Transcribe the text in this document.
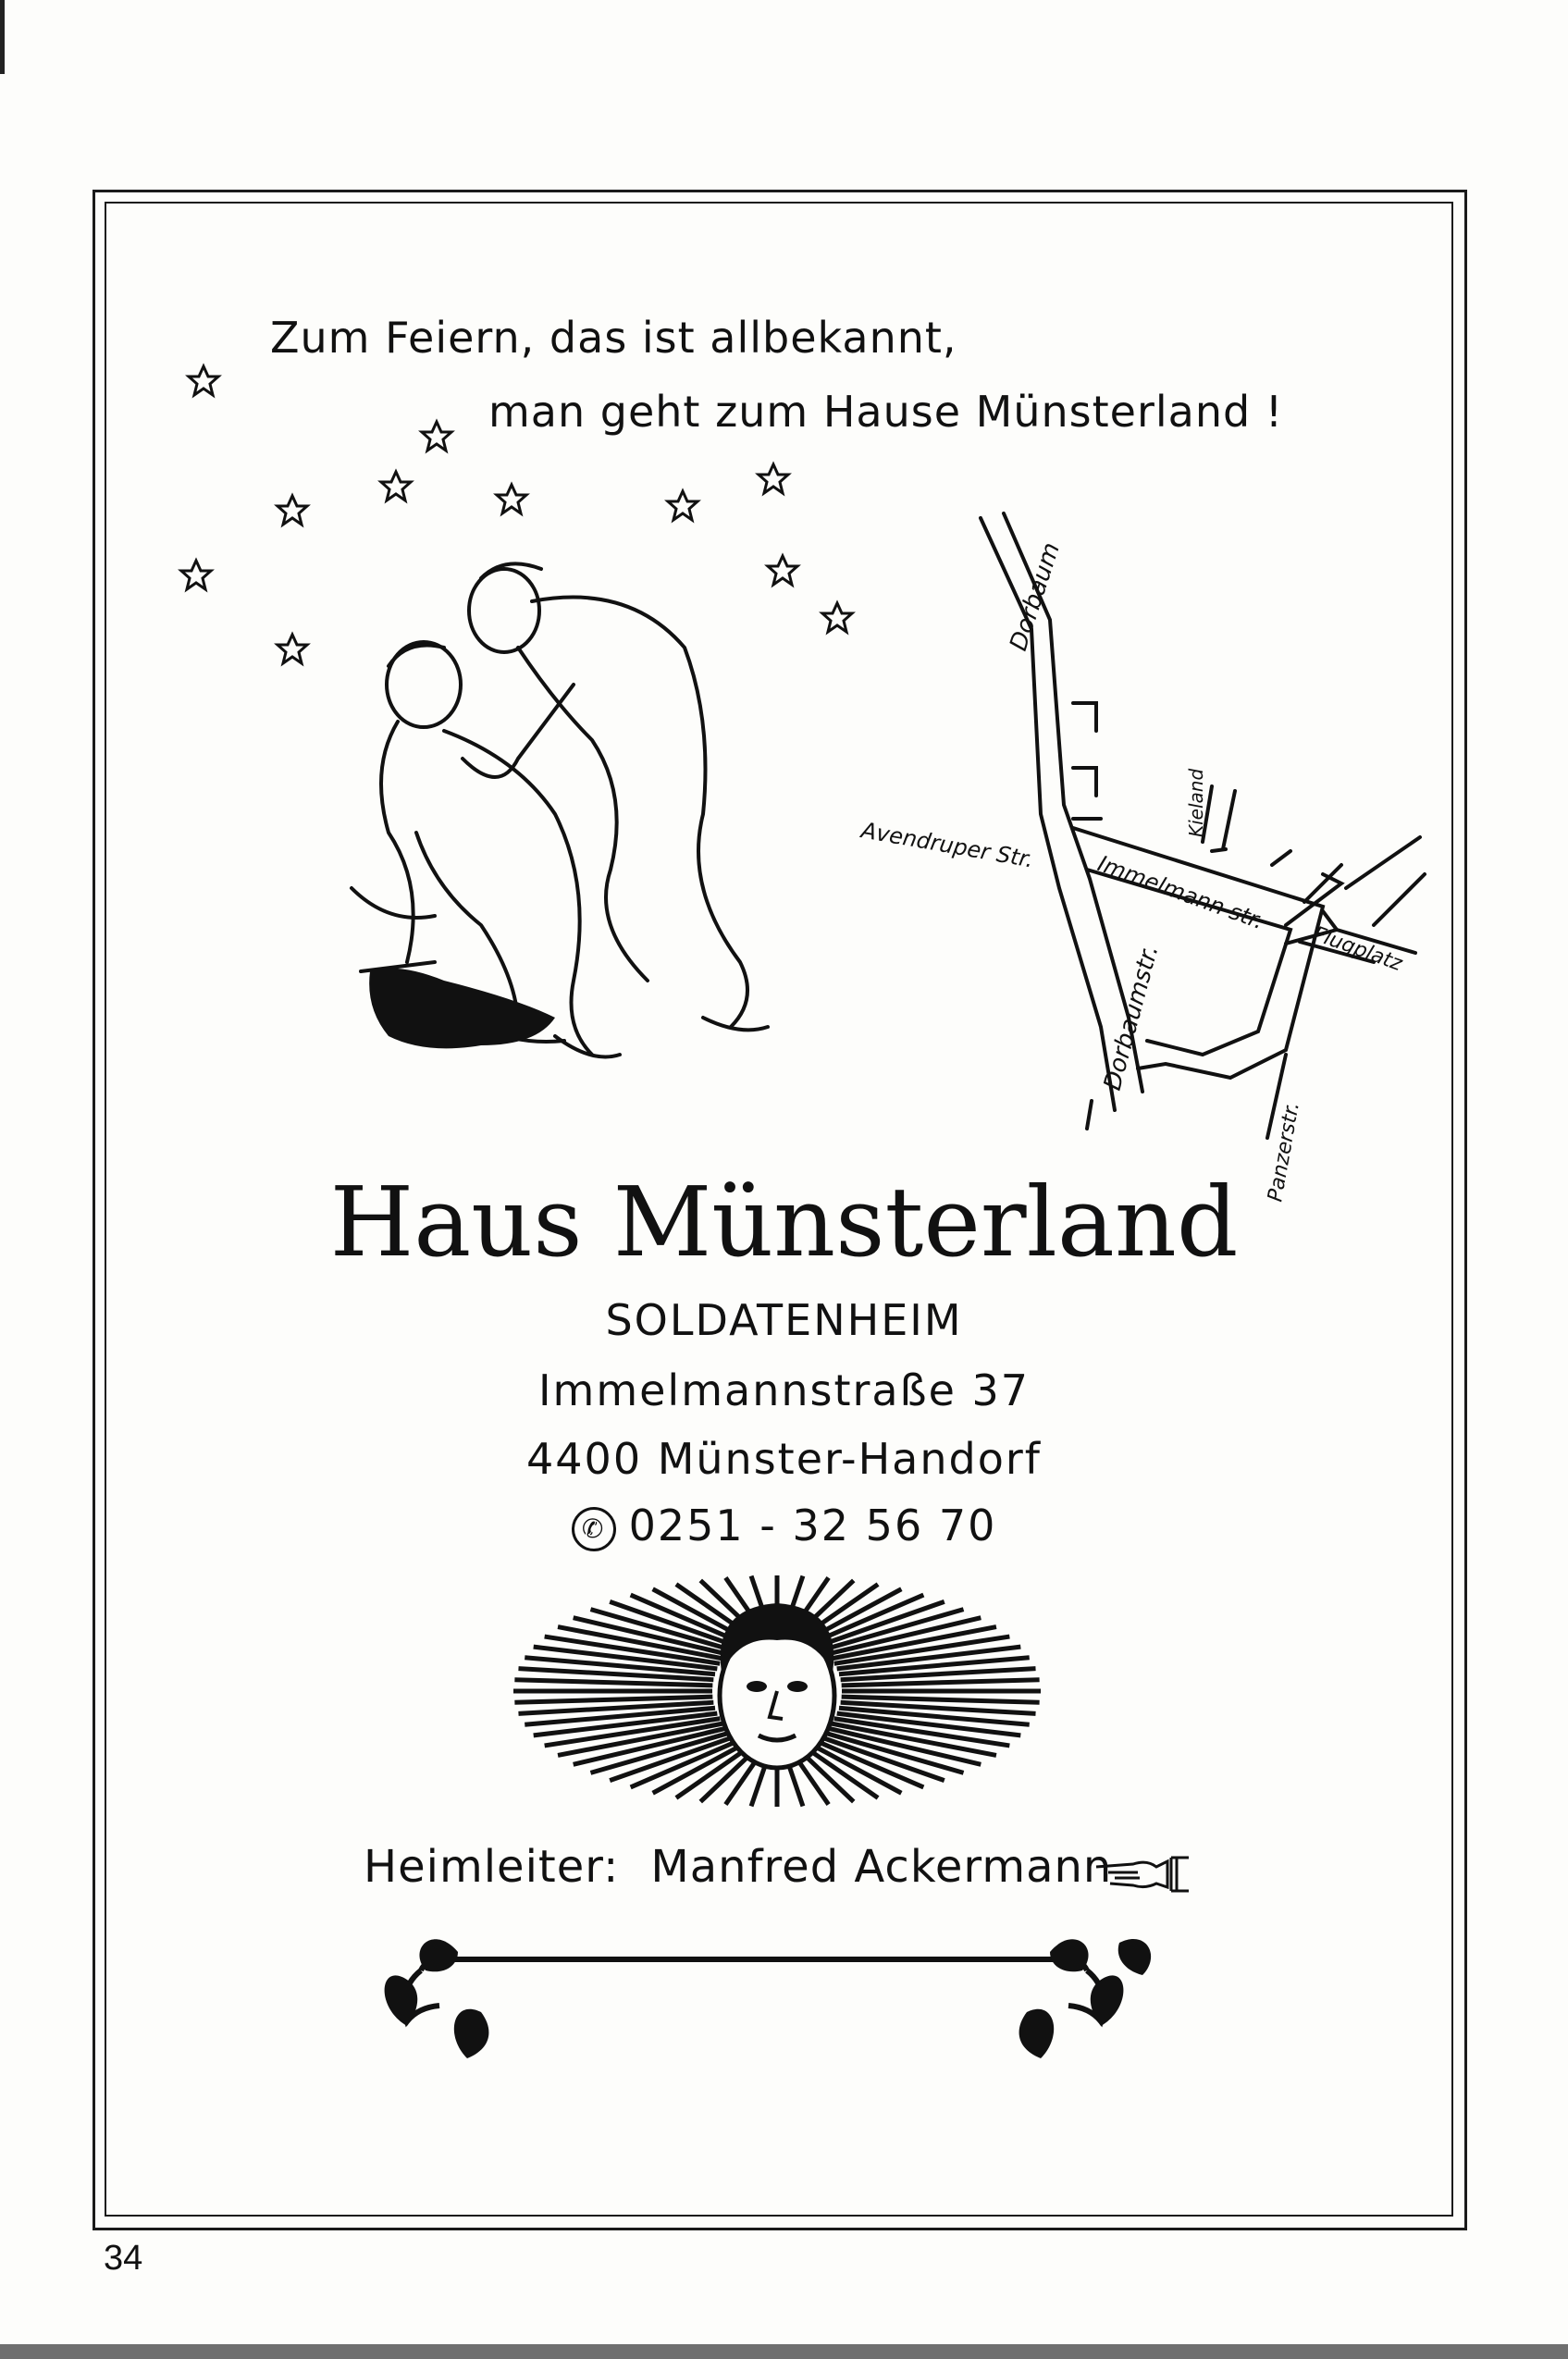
Zum Feiern, das ist allbekannt,
man geht zum Hause Münsterland !
Dorbaum
Avendruper Str.
Immelmann str.
Kieland
Dorbaumstr.	Flugplatz
Panzerstr.
Haus Münsterland
SOLDATENHEIM
Immelmannstraße 37
4400 Münster-Handorf
✆ 0251 - 32 56 70
Heimleiter: Manfred Ackermann
34
